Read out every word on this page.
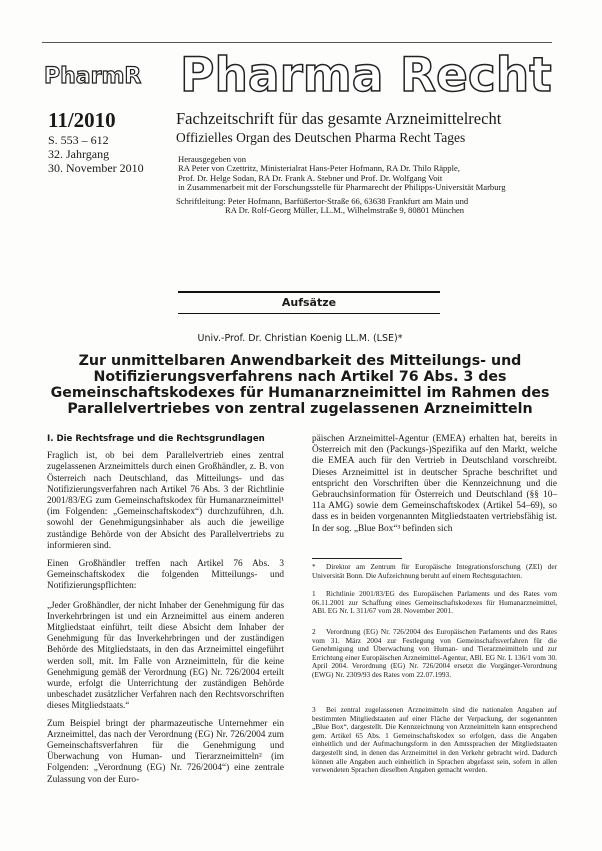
PharmR Pharma Recht
11/2010
S. 553 – 612
32. Jahrgang
30. November 2010
Fachzeitschrift für das gesamte Arzneimittelrecht
Offizielles Organ des Deutschen Pharma Recht Tages
Herausgegeben von
RA Peter von Czettritz, Ministerialrat Hans-Peter Hofmann, RA Dr. Thilo Räpple,
Prof. Dr. Helge Sodan, RA Dr. Frank A. Stebner und Prof. Dr. Wolfgang Voit
in Zusammenarbeit mit der Forschungsstelle für Pharmarecht der Philipps-Universität Marburg
Schriftleitung: Peter Hofmann, Barfüßertor-Straße 66, 63638 Frankfurt am Main und
RA Dr. Rolf-Georg Müller, LL.M., Wilhelmstraße 9, 80801 München
Aufsätze
Univ.-Prof. Dr. Christian Koenig LL.M. (LSE)*
Zur unmittelbaren Anwendbarkeit des Mitteilungs- und Notifizierungsverfahrens nach Artikel 76 Abs. 3 des Gemeinschaftskodexes für Humanarzneimittel im Rahmen des Parallelvertriebes von zentral zugelassenen Arzneimitteln

I. Die Rechtsfrage und die Rechtsgrundlagen

Fraglich ist, ob bei dem Parallelvertrieb eines zentral zugelassenen Arzneimittels durch einen Großhändler, z. B. von Österreich nach Deutschland, das Mitteilungs- und das Notifizierungsverfahren nach Artikel 76 Abs. 3 der Richtlinie 2001/83/EG zum Gemeinschaftskodex für Humanarzneimittel¹ (im Folgenden: „Gemeinschaftskodex“) durchzuführen, d.h. sowohl der Genehmigungsinhaber als auch die jeweilige zuständige Behörde von der Absicht des Parallelvertriebs zu informieren sind.

Einen Großhändler treffen nach Artikel 76 Abs. 3 Gemeinschaftskodex die folgenden Mitteilungs- und Notifizierungspflichten:

„Jeder Großhändler, der nicht Inhaber der Genehmigung für das Inverkehrbringen ist und ein Arzneimittel aus einem anderen Mitgliedstaat einführt, teilt diese Absicht dem Inhaber der Genehmigung für das Inverkehrbringen und der zuständigen Behörde des Mitgliedstaats, in den das Arzneimittel eingeführt werden soll, mit. Im Falle von Arzneimitteln, für die keine Genehmigung gemäß der Verordnung (EG) Nr. 726/2004 erteilt wurde, erfolgt die Unterrichtung der zuständigen Behörde unbeschadet zusätzlicher Verfahren nach den Rechtsvorschriften dieses Mitgliedstaats.“

Zum Beispiel bringt der pharmazeutische Unternehmer ein Arzneimittel, das nach der Verordnung (EG) Nr. 726/2004 zum Gemeinschaftsverfahren für die Genehmigung und Überwachung von Human- und Tierarzneimitteln² (im Folgenden: „Verordnung (EG) Nr. 726/2004“) eine zentrale Zulassung von der Euro-

päischen Arzneimittel-Agentur (EMEA) erhalten hat, bereits in Österreich mit den (Packungs-)Spezifika auf den Markt, welche die EMEA auch für den Vertrieb in Deutschland vorschreibt. Dieses Arzneimittel ist in deutscher Sprache beschriftet und entspricht den Vorschriften über die Kennzeichnung und die Gebrauchsinformation für Österreich und Deutschland (§§ 10–11a AMG) sowie dem Gemeinschaftskodex (Artikel 54–69), so dass es in beiden vorgenannten Mitgliedstaaten vertriebsfähig ist. In der sog. „Blue Box“³ befinden sich

* Direktor am Zentrum für Europäische Integrationsforschung (ZEI) der Universität Bonn. Die Aufzeichnung beruht auf einem Rechtsgutachten.
1 Richtlinie 2001/83/EG des Europäischen Parlaments und des Rates vom 06.11.2001 zur Schaffung eines Gemeinschaftskodexes für Humanarzneimittel, ABl. EG Nr. L 311/67 vom 28. November 2001.
2 Verordnung (EG) Nr. 726/2004 des Europäischen Parlaments und des Rates vom 31. März 2004 zur Festlegung von Gemeinschaftsverfahren für die Genehmigung und Überwachung von Human- und Tierarzneimitteln und zur Errichtung einer Europäischen Arzneimittel-Agentur, ABl. EG Nr. L 136/1 vom 30. April 2004. Verordnung (EG) Nr. 726/2004 ersetzt die Vorgänger-Verordnung (EWG) Nr. 2309/93 des Rates vom 22.07.1993.
3 Bei zentral zugelassenen Arzneimitteln sind die nationalen Angaben auf bestimmten Mitgliedstaaten auf einer Fläche der Verpackung, der sogenannten „Blue Box“, dargestellt. Die Kennzeichnung von Arzneimitteln kann entsprechend gem. Artikel 65 Abs. 1 Gemeinschaftskodex so erfolgen, dass die Angaben einheitlich und der Aufmachungsform in den Amtssprachen der Mitgliedstaaten dargestellt sind, in denen das Arzneimittel in den Verkehr gebracht wird. Dadurch können alle Angaben auch einheitlich in Sprachen abgefasst sein, sofern in allen verwendeten Sprachen dieselben Angaben gemacht werden.
